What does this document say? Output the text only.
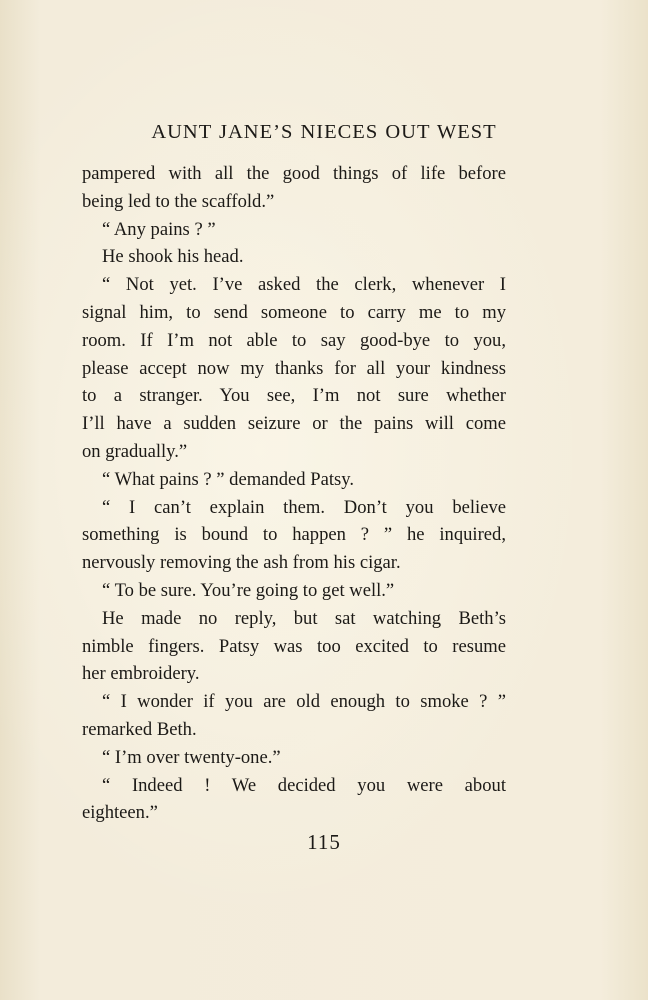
AUNT JANE’S NIECES OUT WEST
pampered with all the good things of life before
being led to the scaffold.”
“ Any pains ? ”
He shook his head.
“ Not yet. I’ve asked the clerk, whenever I
signal him, to send someone to carry me to my
room. If I’m not able to say good-bye to you,
please accept now my thanks for all your kindness
to a stranger. You see, I’m not sure whether
I’ll have a sudden seizure or the pains will come
on gradually.”
“ What pains ? ” demanded Patsy.
“ I can’t explain them. Don’t you believe
something is bound to happen ? ” he inquired,
nervously removing the ash from his cigar.
“ To be sure. You’re going to get well.”
He made no reply, but sat watching Beth’s
nimble fingers. Patsy was too excited to resume
her embroidery.
“ I wonder if you are old enough to smoke ? ”
remarked Beth.
“ I’m over twenty-one.”
“ Indeed ! We decided you were about
eighteen.”
115
